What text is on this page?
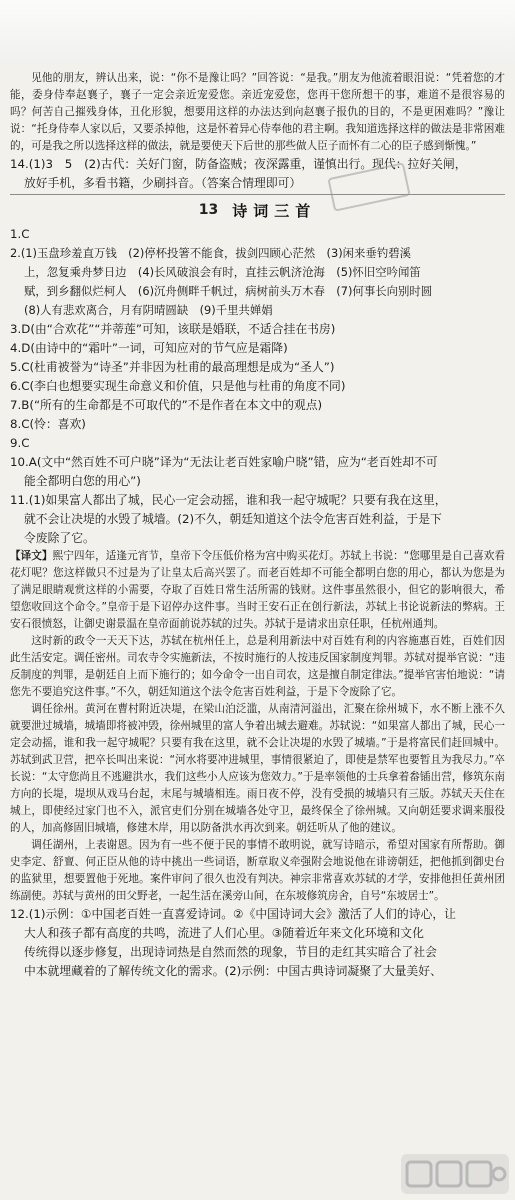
见他的朋友，辨认出来，说：“你不是豫让吗？”回答说：“是我。”朋友为他流着眼泪说：“凭着您的才能，委身侍奉赵襄子，襄子一定会亲近宠爱您。亲近宠爱您，您再干您所想干的事，难道不是很容易的吗？何苦自己摧残身体，丑化形貌，想要用这样的办法达到向赵襄子报仇的目的，不是更困难吗？”豫让说：“托身侍奉人家以后，又要杀掉他，这是怀着异心侍奉他的君主啊。我知道选择这样的做法是非常困难的，可是我之所以选择这样的做法，就是要使天下后世的那些做人臣子而怀有二心的臣子感到惭愧。”

14.(1)3　5　(2)古代：关好门窗，防备盗贼；夜深露重，谨慎出行。现代：拉好关闸，

放好手机，多看书籍，少刷抖音。（答案合情理即可）

13 诗词三首

1.C

2.(1)玉盘珍羞直万钱　(2)停杯投箸不能食，拔剑四顾心茫然　(3)闲来垂钓碧溪

上，忽复乘舟梦日边　(4)长风破浪会有时，直挂云帆济沧海　(5)怀旧空吟闻笛

赋，到乡翻似烂柯人　(6)沉舟侧畔千帆过，病树前头万木春　(7)何事长向别时圆

(8)人有悲欢离合，月有阴晴圆缺　(9)千里共婵娟

3.D(由“合欢花”“并蒂莲”可知，该联是婚联，不适合挂在书房)

4.D(由诗中的“霜叶”一词，可知应对的节气应是霜降)

5.C(杜甫被誉为“诗圣”并非因为杜甫的最高理想是成为“圣人”)

6.C(李白也想要实现生命意义和价值，只是他与杜甫的角度不同)

7.B(“所有的生命都是不可取代的”不是作者在本文中的观点)

8.C(怜：喜欢)

9.C

10.A(文中“然百姓不可户晓”译为“无法让老百姓家喻户晓”错，应为“老百姓却不可

能全都明白您的用心”)

11.(1)如果富人都出了城，民心一定会动摇，谁和我一起守城呢？只要有我在这里，

就不会让决堤的水毁了城墙。(2)不久，朝廷知道这个法令危害百姓利益，于是下

令废除了它。

【译文】熙宁四年，适逢元宵节，皇帝下令压低价格为宫中购买花灯。苏轼上书说：“您哪里是自己喜欢看花灯呢？您这样做只不过是为了让皇太后高兴罢了。而老百姓却不可能全都明白您的用心，都认为您是为了满足眼睛观赏这样的小需要，夺取了百姓日常生活所需的钱财。这件事虽然很小，但它的影响很大，希望您收回这个命令。”皇帝于是下诏停办这件事。当时王安石正在创行新法，苏轼上书论说新法的弊病。王安石很愤怒，让御史谢景温在皇帝面前说苏轼的过失。苏轼于是请求出京任职，任杭州通判。

这时新的政令一天天下达，苏轼在杭州任上，总是利用新法中对百姓有利的内容施惠百姓，百姓们因此生活安定。调任密州。司农寺令实施新法，不按时施行的人按违反国家制度判罪。苏轼对提举官说：“违反制度的判罪，是朝廷自上而下施行的；如今命令一出自司农，这是擅自制定律法。”提举官害怕地说：“请您先不要追究这件事。”不久，朝廷知道这个法令危害百姓利益，于是下令废除了它。

调任徐州。黄河在曹村附近决堤，在梁山泊泛滥，从南清河溢出，汇聚在徐州城下，水不断上涨不久就要泄过城墙，城墙即将被冲毁，徐州城里的富人争着出城去避难。苏轼说：“如果富人都出了城，民心一定会动摇，谁和我一起守城呢？只要有我在这里，就不会让决堤的水毁了城墙。”于是将富民们赶回城中。苏轼到武卫营，把卒长叫出来说：“河水将要冲进城里，事情很紧迫了，即使是禁军也要暂且为我尽力。”卒长说：“太守您尚且不逃避洪水，我们这些小人应该为您效力。”于是率领他的士兵拿着畚锸出营，修筑东南方向的长堤，堤坝从戏马台起，末尾与城墙相连。雨日夜不停，没有受损的城墙只有三版。苏轼天天住在城上，即使经过家门也不入，派官吏们分别在城墙各处守卫，最终保全了徐州城。又向朝廷要求调来服役的人，加高修固旧城墙，修建木岸，用以防备洪水再次到来。朝廷听从了他的建议。

调任湖州，上表谢恩。因为有一些不便于民的事情不敢明说，就写诗暗示，希望对国家有所帮助。御史李定、舒亶、何正臣从他的诗中挑出一些词语，断章取义牵强附会地说他在诽谤朝廷，把他抓到御史台的监狱里，想要置他于死地。案件审问了很久也没有判决。神宗非常喜欢苏轼的才学，安排他担任黄州团练副使。苏轼与黄州的田父野老，一起生活在溪旁山间，在东坡修筑房舍，自号“东坡居士”。

12.(1)示例：①中国老百姓一直喜爱诗词。②《中国诗词大会》激活了人们的诗心，让

大人和孩子都有高度的共鸣，流进了人们心里。③随着近年来文化环境和文化

传统得以逐步修复，出现诗词热是自然而然的现象，节目的走红其实暗合了社会

中本就埋藏着的了解传统文化的需求。(2)示例：中国古典诗词凝聚了大量美好、
